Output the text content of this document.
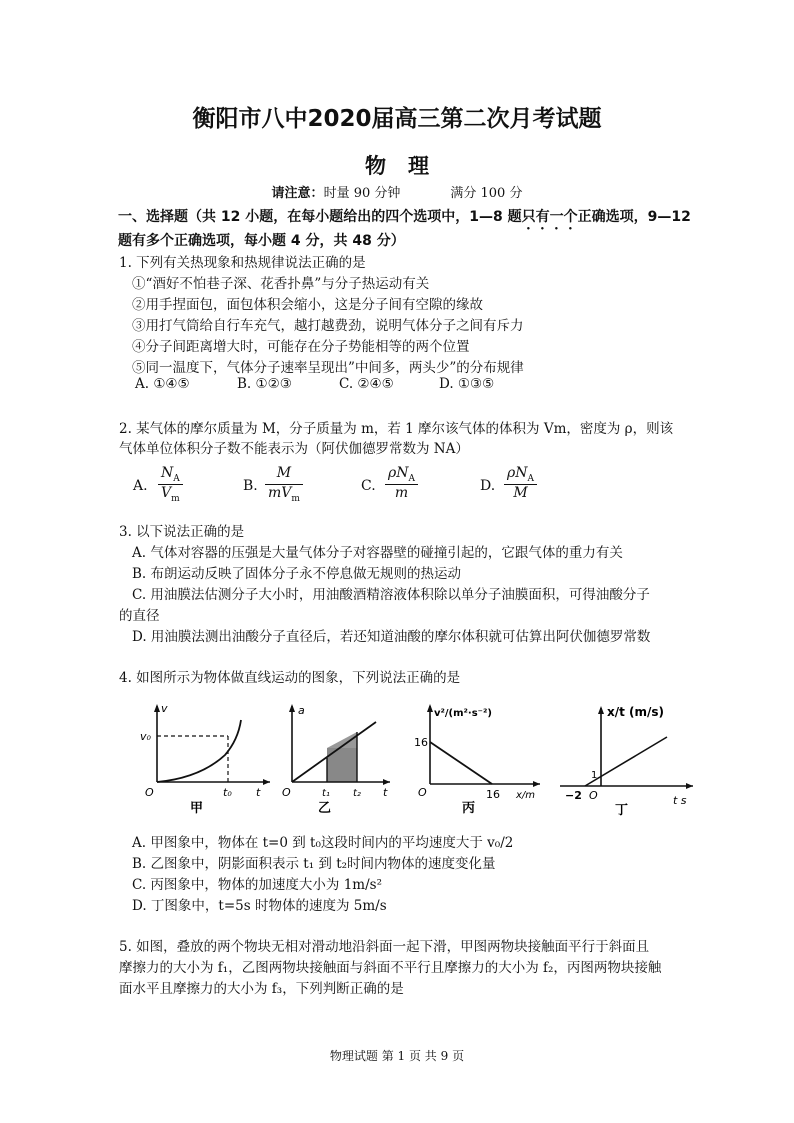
衡阳市八中2020届高三第二次月考试题
物理
请注意：时量 90 分钟	满分 100 分
一、选择题（共 12 小题，在每小题给出的四个选项中，1—8 题只有一个正确选项，9—12
题有多个正确选项，每小题 4 分，共 48 分）
1. 下列有关热现象和热规律说法正确的是
①“酒好不怕巷子深、花香扑鼻”与分子热运动有关
②用手捏面包，面包体积会缩小，这是分子间有空隙的缘故
③用打气筒给自行车充气，越打越费劲，说明气体分子之间有斥力
④分子间距离增大时，可能存在分子势能相等的两个位置
⑤同一温度下，气体分子速率呈现出”中间多，两头少”的分布规律
A. ①④⑤	B. ①②③	C. ②④⑤	D. ①③⑤
2. 某气体的摩尔质量为 M，分子质量为 m，若 1 摩尔该气体的体积为 Vm，密度为 ρ，则该
气体单位体积分子数不能表示为（阿伏伽德罗常数为 NA）
A. $\frac{N_A}{V_m}$	B.
M
$mV_m$
C.
$\rho N_A$
m	D.
$\rho N_A$
M
3. 以下说法正确的是
A. 气体对容器的压强是大量气体分子对容器壁的碰撞引起的，它跟气体的重力有关
B. 布朗运动反映了固体分子永不停息做无规则的热运动
C. 用油膜法估测分子大小时，用油酸酒精溶液体积除以单分子油膜面积，可得油酸分子
的直径
D. 用油膜法测出油酸分子直径后，若还知道油酸的摩尔体积就可估算出阿伏伽德罗常数
4. 如图所示为物体做直线运动的图象，下列说法正确的是
v
v₀
O	t₀ t
甲
a
O	t₁ t₂ t
乙
v²/(m²·s⁻²)
16
O	16 x/m
丙
x/t (m/s)
1
−2 O	t s
丁
A. 甲图象中，物体在 t=0 到 t₀这段时间内的平均速度大于 v₀/2
B. 乙图象中，阴影面积表示 t₁ 到 t₂时间内物体的速度变化量
C. 丙图象中，物体的加速度大小为 1m/s²
D. 丁图象中，t=5s 时物体的速度为 5m/s
5. 如图，叠放的两个物块无相对滑动地沿斜面一起下滑，甲图两物块接触面平行于斜面且
摩擦力的大小为 f₁，乙图两物块接触面与斜面不平行且摩擦力的大小为 f₂，丙图两物块接触
面水平且摩擦力的大小为 f₃，下列判断正确的是
物理试题 第 1 页 共 9 页
